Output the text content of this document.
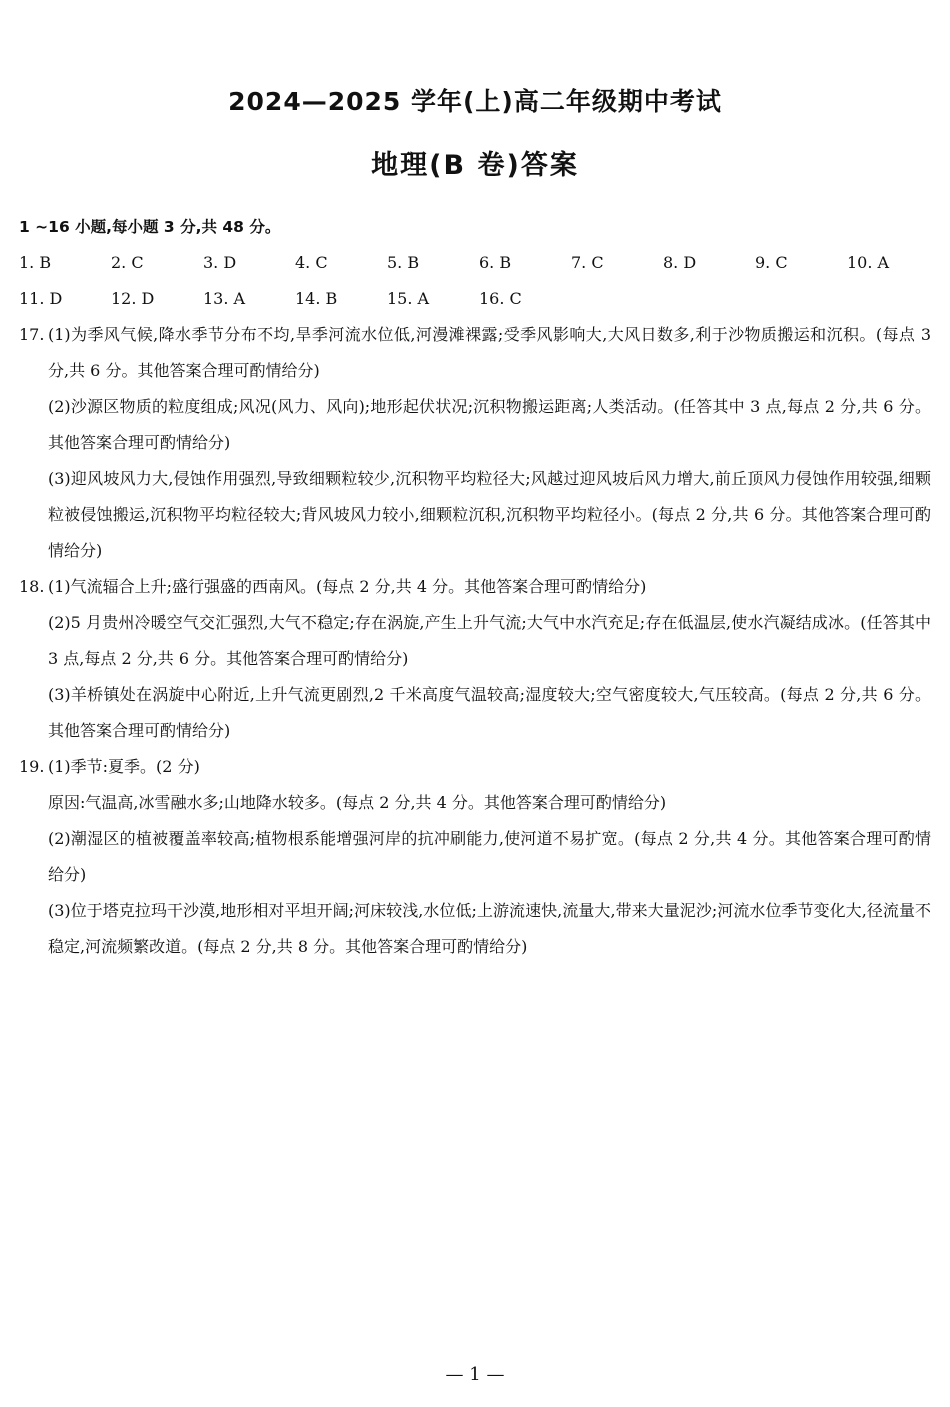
2024—2025 学年(上)高二年级期中考试
地理(B 卷)答案

1 ~16 小题,每小题 3 分,共 48 分。

1. B	2. C	3. D	4. C	5. B	6. B	7. C	8. D	9. C	10. A
11. D	12. D	13. A	14. B	15. A	16. C
17. (1)为季风气候,降水季节分布不均,旱季河流水位低,河漫滩裸露;受季风影响大,大风日数多,利于沙物质搬运和沉积。(每点 3 分,共 6 分。其他答案合理可酌情给分)
(2)沙源区物质的粒度组成;风况(风力、风向);地形起伏状况;沉积物搬运距离;人类活动。(任答其中 3 点,每点 2 分,共 6 分。其他答案合理可酌情给分)
(3)迎风坡风力大,侵蚀作用强烈,导致细颗粒较少,沉积物平均粒径大;风越过迎风坡后风力增大,前丘顶风力侵蚀作用较强,细颗粒被侵蚀搬运,沉积物平均粒径较大;背风坡风力较小,细颗粒沉积,沉积物平均粒径小。(每点 2 分,共 6 分。其他答案合理可酌情给分)
18. (1)气流辐合上升;盛行强盛的西南风。(每点 2 分,共 4 分。其他答案合理可酌情给分)
(2)5 月贵州冷暖空气交汇强烈,大气不稳定;存在涡旋,产生上升气流;大气中水汽充足;存在低温层,使水汽凝结成冰。(任答其中 3 点,每点 2 分,共 6 分。其他答案合理可酌情给分)
(3)羊桥镇处在涡旋中心附近,上升气流更剧烈,2 千米高度气温较高;湿度较大;空气密度较大,气压较高。(每点 2 分,共 6 分。其他答案合理可酌情给分)
19. (1)季节:夏季。(2 分)
原因:气温高,冰雪融水多;山地降水较多。(每点 2 分,共 4 分。其他答案合理可酌情给分)
(2)潮湿区的植被覆盖率较高;植物根系能增强河岸的抗冲刷能力,使河道不易扩宽。(每点 2 分,共 4 分。其他答案合理可酌情给分)
(3)位于塔克拉玛干沙漠,地形相对平坦开阔;河床较浅,水位低;上游流速快,流量大,带来大量泥沙;河流水位季节变化大,径流量不稳定,河流频繁改道。(每点 2 分,共 8 分。其他答案合理可酌情给分)
— 1 —
